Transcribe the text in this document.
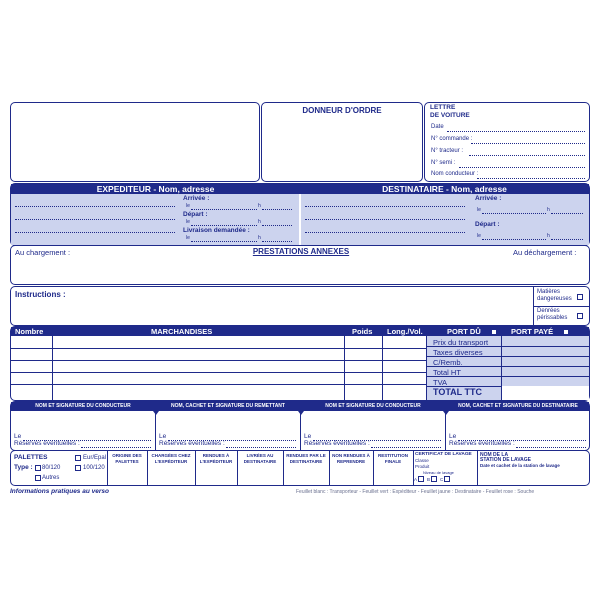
DONNEUR D'ORDRE	LETTRE
DE VOITURE
Date
N° commande :
N° tracteur :
N° semi :
Nom conducteur :
EXPEDITEUR - Nom, adresse	DESTINATAIRE - Nom, adresse
Arrivée :
le	h
Départ :
le	h
Livraison demandée :
le	h
Arrivée :
le	h
Départ :
le	h
Au chargement :	PRESTATIONS ANNEXES	Au déchargement :
Instructions :	Matières
dangereuses
Denrées
périssables
Nombre	MARCHANDISES	Poids Long./Vol.	PORT DÛ	PORT PAYÉ
Prix du transport
Taxes diverses
C/Remb.
Total HT
TVA
TOTAL TTC
NOM ET SIGNATURE DU CONDUCTEUR	NOM, CACHET ET SIGNATURE DU REMETTANT	NOM ET SIGNATURE DU CONDUCTEUR	NOM, CACHET ET SIGNATURE DU DESTINATAIRE
Le
Réserves éventuelles :
Le
Réserves éventuelles :
Le
Réserves éventuelles :
Le
Réserves éventuelles :
PALETTES	Eur/Epal
Type : 80/120	100/120
Autres
ORIGINE DES PALETTES
CHARGÉES CHEZ L'EXPÉDITEUR
RENDUES À L'EXPÉDITEUR
LIVRÉES AU DESTINATAIRE
RENDUES PAR LE DESTINATAIRE
NON RENDUES À REPRENDRE
RESTITUTION FINALE
CERTIFICAT DE LAVAGE
Classe
Produit
Niveau de lavage
A B C
NOM DE LA
STATION DE LAVAGE
Date et cachet de la station de lavage
Informations pratiques au verso	Feuillet blanc : Transporteur - Feuillet vert : Expéditeur - Feuillet jaune : Destinataire - Feuillet rose : Souche
